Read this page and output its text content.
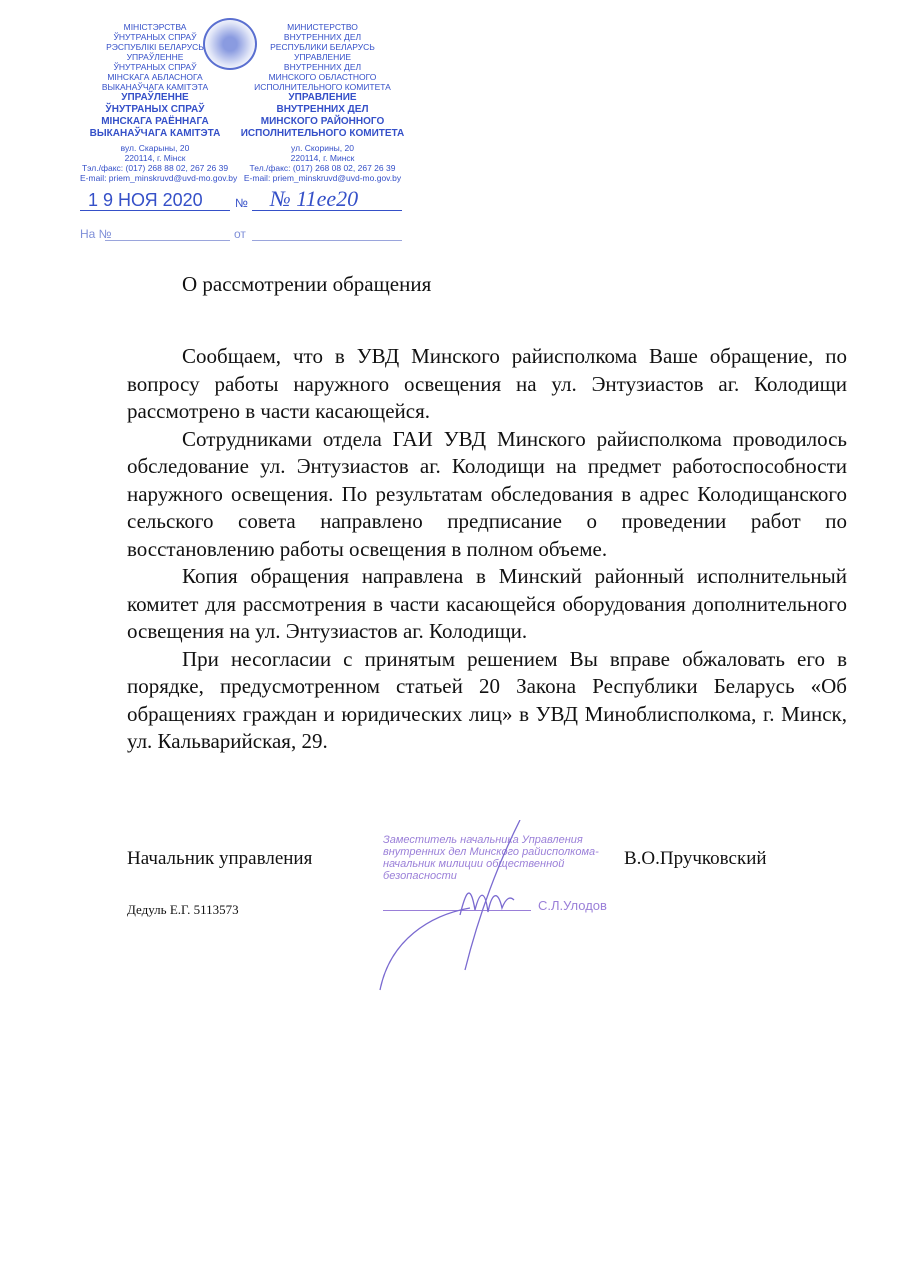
МІНІСТЭРСТВА
ЎНУТРАНЫХ СПРАЎ
РЭСПУБЛІКІ БЕЛАРУСЬ
УПРАЎЛЕННЕ
ЎНУТРАНЫХ СПРАЎ
МІНСКАГА АБЛАСНОГА
ВЫКАНАЎЧАГА КАМІТЭТА
УПРАЎЛЕННЕ
ЎНУТРАНЫХ СПРАЎ
МІНСКАГА РАЁННАГА
ВЫКАНАЎЧАГА КАМІТЭТА
вул. Скарыны, 20
220114, г. Мінск
Тэл./факс: (017) 268 88 02, 267 26 39
E-mail: priem_minskruvd@uvd-mo.gov.by
МИНИСТЕРСТВО
ВНУТРЕННИХ ДЕЛ
РЕСПУБЛИКИ БЕЛАРУСЬ
УПРАВЛЕНИЕ
ВНУТРЕННИХ ДЕЛ
МИНСКОГО ОБЛАСТНОГО
ИСПОЛНИТЕЛЬНОГО КОМИТЕТА
УПРАВЛЕНИЕ
ВНУТРЕННИХ ДЕЛ
МИНСКОГО РАЙОННОГО
ИСПОЛНИТЕЛЬНОГО КОМИТЕТА
ул. Скорины, 20
220114, г. Минск
Тел./факс: (017) 268 08 02, 267 26 39
E-mail: priem_minskruvd@uvd-mo.gov.by
1 9 НОЯ 2020	№ № 11ее20
На №	от
О рассмотрении обращения

Сообщаем, что в УВД Минского райисполкома Ваше обращение, по вопросу работы наружного освещения на ул. Энтузиастов аг. Колодищи рассмотрено в части касающейся.

Сотрудниками отдела ГАИ УВД Минского райисполкома проводилось обследование ул. Энтузиастов аг. Колодищи на предмет работоспособности наружного освещения. По результатам обследования в адрес Колодищанского сельского совета направлено предписание о проведении работ по восстановлению работы освещения в полном объеме.

Копия обращения направлена в Минский районный исполнительный комитет для рассмотрения в части касающейся оборудования дополнительного освещения на ул. Энтузиастов аг. Колодищи.

При несогласии с принятым решением Вы вправе обжаловать его в порядке, предусмотренном статьей 20 Закона Республики Беларусь «Об обращениях граждан и юридических лиц» в УВД Миноблисполкома, г. Минск, ул. Кальварийская, 29.

Начальник управления	В.О.Пручковский
Заместитель начальника Управления
внутренних дел Минского райисполкома-
начальник милиции общественной
безопасности
С.Л.Улодов
Дедуль Е.Г. 5113573
